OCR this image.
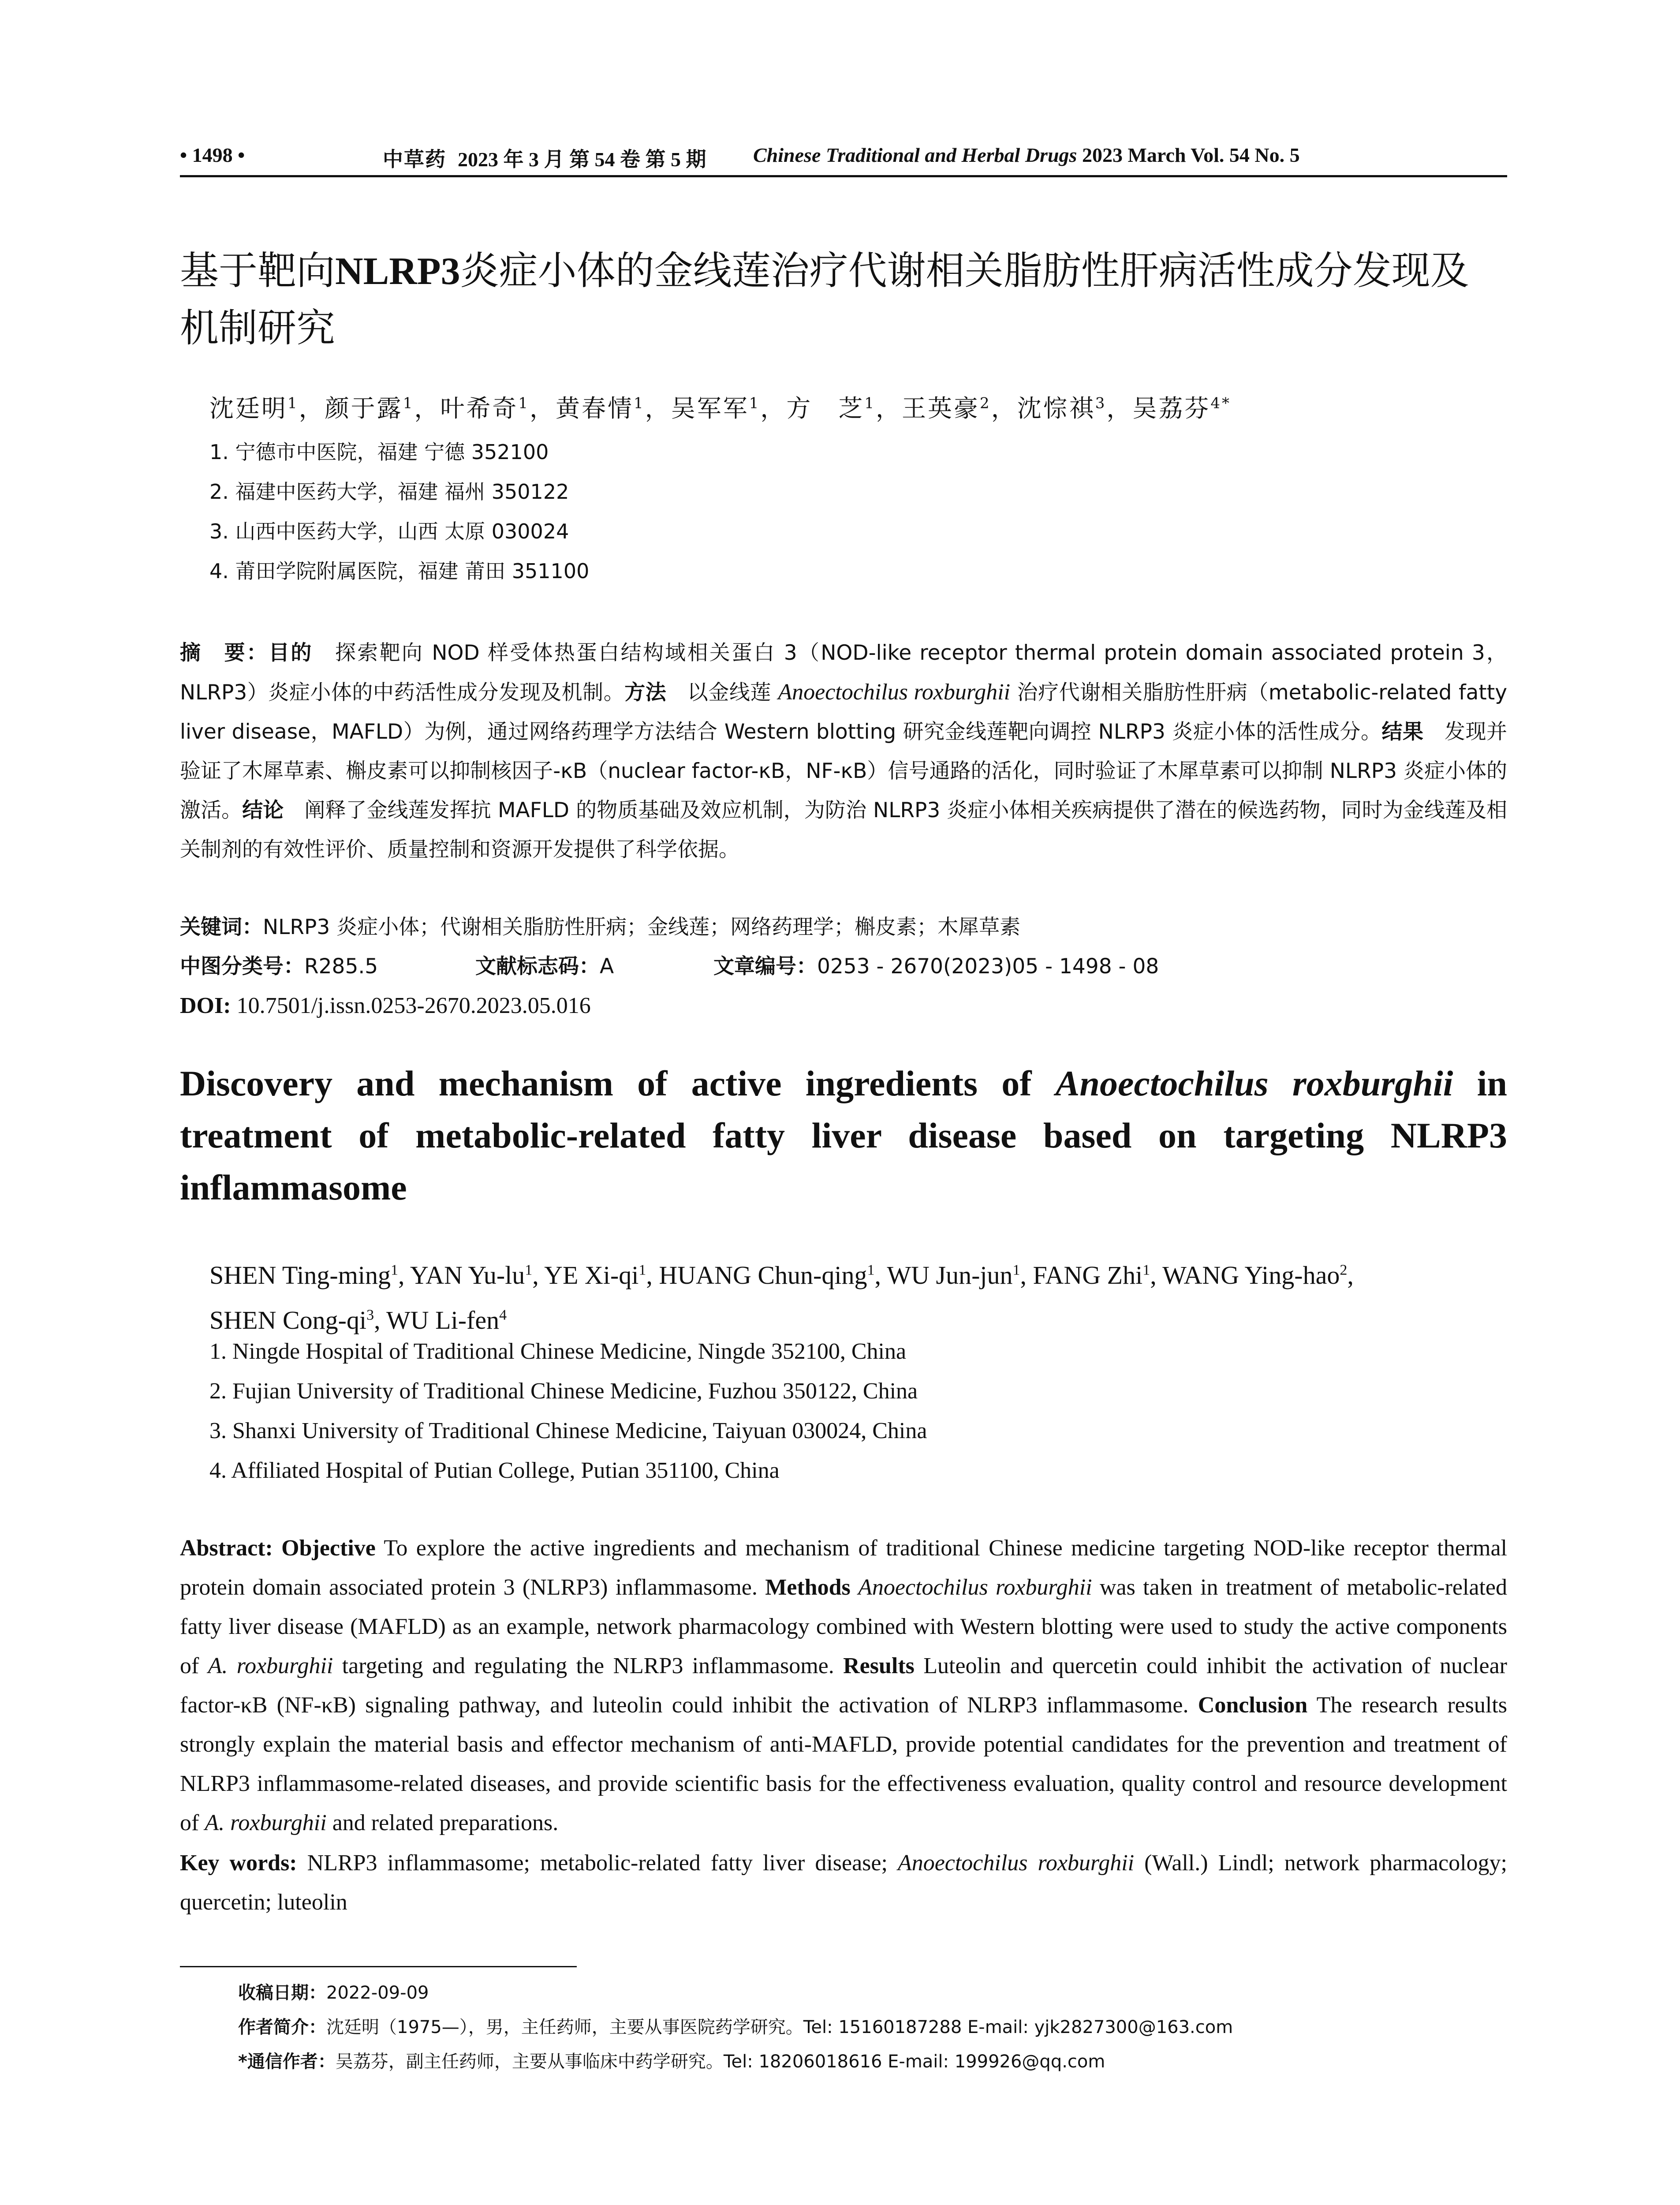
• 1498 •	中草药 2023 年 3 月 第 54 卷 第 5 期 Chinese Traditional and Herbal Drugs 2023 March Vol. 54 No. 5
基于靶向NLRP3炎症小体的金线莲治疗代谢相关脂肪性肝病活性成分发现及机制研究
沈廷明$^1$，颜于露$^1$，叶希奇$^1$，黄春情$^1$，吴军军$^1$，方　芝$^1$，王英豪$^2$，沈悰祺$^3$，吴荔芬$^{4*}$
1. 宁德市中医院，福建 宁德 352100
2. 福建中医药大学，福建 福州 350122
3. 山西中医药大学，山西 太原 030024
4. 莆田学院附属医院，福建 莆田 351100
摘　要：目的　探索靶向 NOD 样受体热蛋白结构域相关蛋白 3（NOD-like receptor thermal protein domain associated protein 3，NLRP3）炎症小体的中药活性成分发现及机制。方法　以金线莲 Anoectochilus roxburghii 治疗代谢相关脂肪性肝病（metabolic-related fatty liver disease，MAFLD）为例，通过网络药理学方法结合 Western blotting 研究金线莲靶向调控 NLRP3 炎症小体的活性成分。结果　发现并验证了木犀草素、槲皮素可以抑制核因子-κB（nuclear factor-κB，NF-κB）信号通路的活化，同时验证了木犀草素可以抑制 NLRP3 炎症小体的激活。结论　阐释了金线莲发挥抗 MAFLD 的物质基础及效应机制，为防治 NLRP3 炎症小体相关疾病提供了潜在的候选药物，同时为金线莲及相关制剂的有效性评价、质量控制和资源开发提供了科学依据。
关键词：NLRP3 炎症小体；代谢相关脂肪性肝病；金线莲；网络药理学；槲皮素；木犀草素
中图分类号：R285.5	文献标志码：A	文章编号：0253 - 2670(2023)05 - 1498 - 08
DOI: 10.7501/j.issn.0253-2670.2023.05.016
Discovery and mechanism of active ingredients of Anoectochilus roxburghii in treatment of metabolic-related fatty liver disease based on targeting NLRP3 inflammasome
SHEN Ting-ming$^1$, YAN $Yu-lu^1$, YE $Xi-qi^1$, HUANG Chun-qing$^1$, WU Jun-jun$^1$, FANG Zhi$^1$, WANG Ying-hao$^2$,
SHEN Cong-$qi^3$, WU Li-fen$^4$
1. Ningde Hospital of Traditional Chinese Medicine, Ningde 352100, China
2. Fujian University of Traditional Chinese Medicine, Fuzhou 350122, China
3. Shanxi University of Traditional Chinese Medicine, Taiyuan 030024, China
4. Affiliated Hospital of Putian College, Putian 351100, China
Abstract: Objective To explore the active ingredients and mechanism of traditional Chinese medicine targeting NOD-like receptor thermal protein domain associated protein 3 (NLRP3) inflammasome. Methods Anoectochilus roxburghii was taken in treatment of metabolic-related fatty liver disease (MAFLD) as an example, network pharmacology combined with Western blotting were used to study the active components of A. roxburghii targeting and regulating the NLRP3 inflammasome. Results Luteolin and quercetin could inhibit the activation of nuclear factor-κB (NF-κB) signaling pathway, and luteolin could inhibit the activation of NLRP3 inflammasome. Conclusion The research results strongly explain the material basis and effector mechanism of anti-MAFLD, provide potential candidates for the prevention and treatment of NLRP3 inflammasome-related diseases, and provide scientific basis for the effectiveness evaluation, quality control and resource development of A. roxburghii and related preparations.
Key words: NLRP3 inflammasome; metabolic-related fatty liver disease; Anoectochilus roxburghii (Wall.) Lindl; network pharmacology; quercetin; luteolin
收稿日期：2022-09-09
作者简介：沈廷明（1975—），男，主任药师，主要从事医院药学研究。Tel: 15160187288 E-mail: yjk2827300@163.com
*通信作者：吴荔芬，副主任药师，主要从事临床中药学研究。Tel: 18206018616 E-mail: 199926@qq.com
